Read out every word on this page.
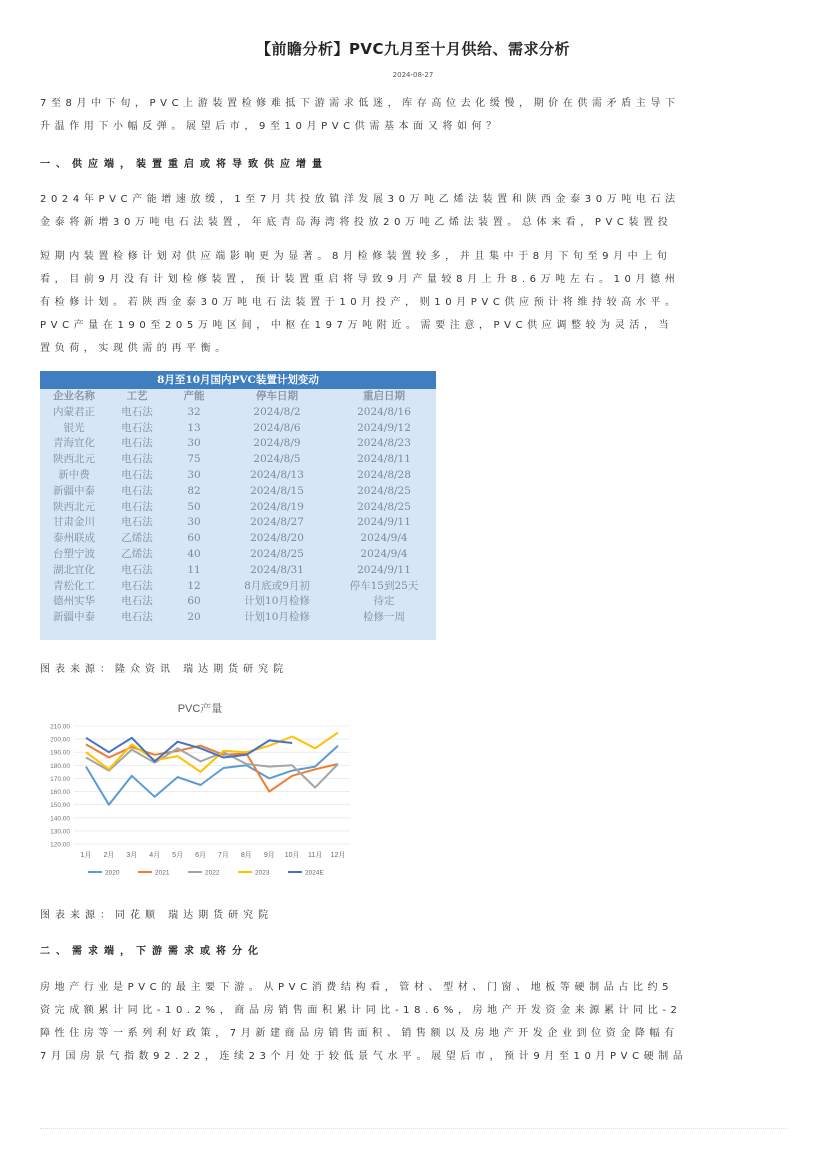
【前瞻分析】PVC九月至十月供给、需求分析
2024-08-27
7至8月中下旬，PVC上游装置检修难抵下游需求低迷，库存高位去化缓慢，期价在供需矛盾主导下
升温作用下小幅反弹。展望后市，9至10月PVC供需基本面又将如何？
一、供应端，装置重启或将导致供应增量
2024年PVC产能增速放缓，1至7月共投放镇洋发展30万吨乙烯法装置和陕西金泰30万吨电石法
金泰将新增30万吨电石法装置，年底青岛海湾将投放20万吨乙烯法装置。总体来看，PVC装置投
短期内装置检修计划对供应端影响更为显著。8月检修装置较多，并且集中于8月下旬至9月中上旬
看，目前9月没有计划检修装置，预计装置重启将导致9月产量较8月上升8.6万吨左右。10月德州
有检修计划。若陕西金泰30万吨电石法装置于10月投产，则10月PVC供应预计将维持较高水平。
PVC产量在190至205万吨区间，中枢在197万吨附近。需要注意，PVC供应调整较为灵活，当
置负荷，实现供需的再平衡。
8月至10月国内PVC装置计划变动
企业名称	工艺	产能	停车日期	重启日期
内蒙君正	电石法	32	2024/8/2	2024/8/16
银光	电石法	13	2024/8/6	2024/9/12
青海宜化	电石法	30	2024/8/9	2024/8/23
陕西北元	电石法	75	2024/8/5	2024/8/11
新中费	电石法	30	2024/8/13	2024/8/28
新疆中泰	电石法	82	2024/8/15	2024/8/25
陕西北元	电石法	50	2024/8/19	2024/8/25
甘肃金川	电石法	30	2024/8/27	2024/9/11
泰州联成	乙烯法	60	2024/8/20	2024/9/4
台塑宁波	乙烯法	40	2024/8/25	2024/9/4
湖北宜化	电石法	11	2024/8/31	2024/9/11
青松化工	电石法	12	8月底或9月初	停车15到25天
德州实华	电石法	60	计划10月检修	待定
新疆中泰	电石法	20	计划10月检修	检修一周
图表来源：隆众资讯 瑞达期货研究院
PVC产量
120.00
130.00
140.00
150.00
160.00
170.00
180.00
190.00
200.00
210.00
1月 2月 3月 4月 5月 6月 7月 8月 9月 10月 11月 12月
2020	2021	2022	2023	2024E
图表来源：同花顺 瑞达期货研究院
二、需求端，下游需求或将分化
房地产行业是PVC的最主要下游。从PVC消费结构看，管材、型材、门窗、地板等硬制品占比约5
资完成额累计同比-10.2%，商品房销售面积累计同比-18.6%，房地产开发资金来源累计同比-2
障性住房等一系列利好政策，7月新建商品房销售面积、销售额以及房地产开发企业到位资金降幅有
7月国房景气指数92.22，连续23个月处于较低景气水平。展望后市，预计9月至10月PVC硬制品
